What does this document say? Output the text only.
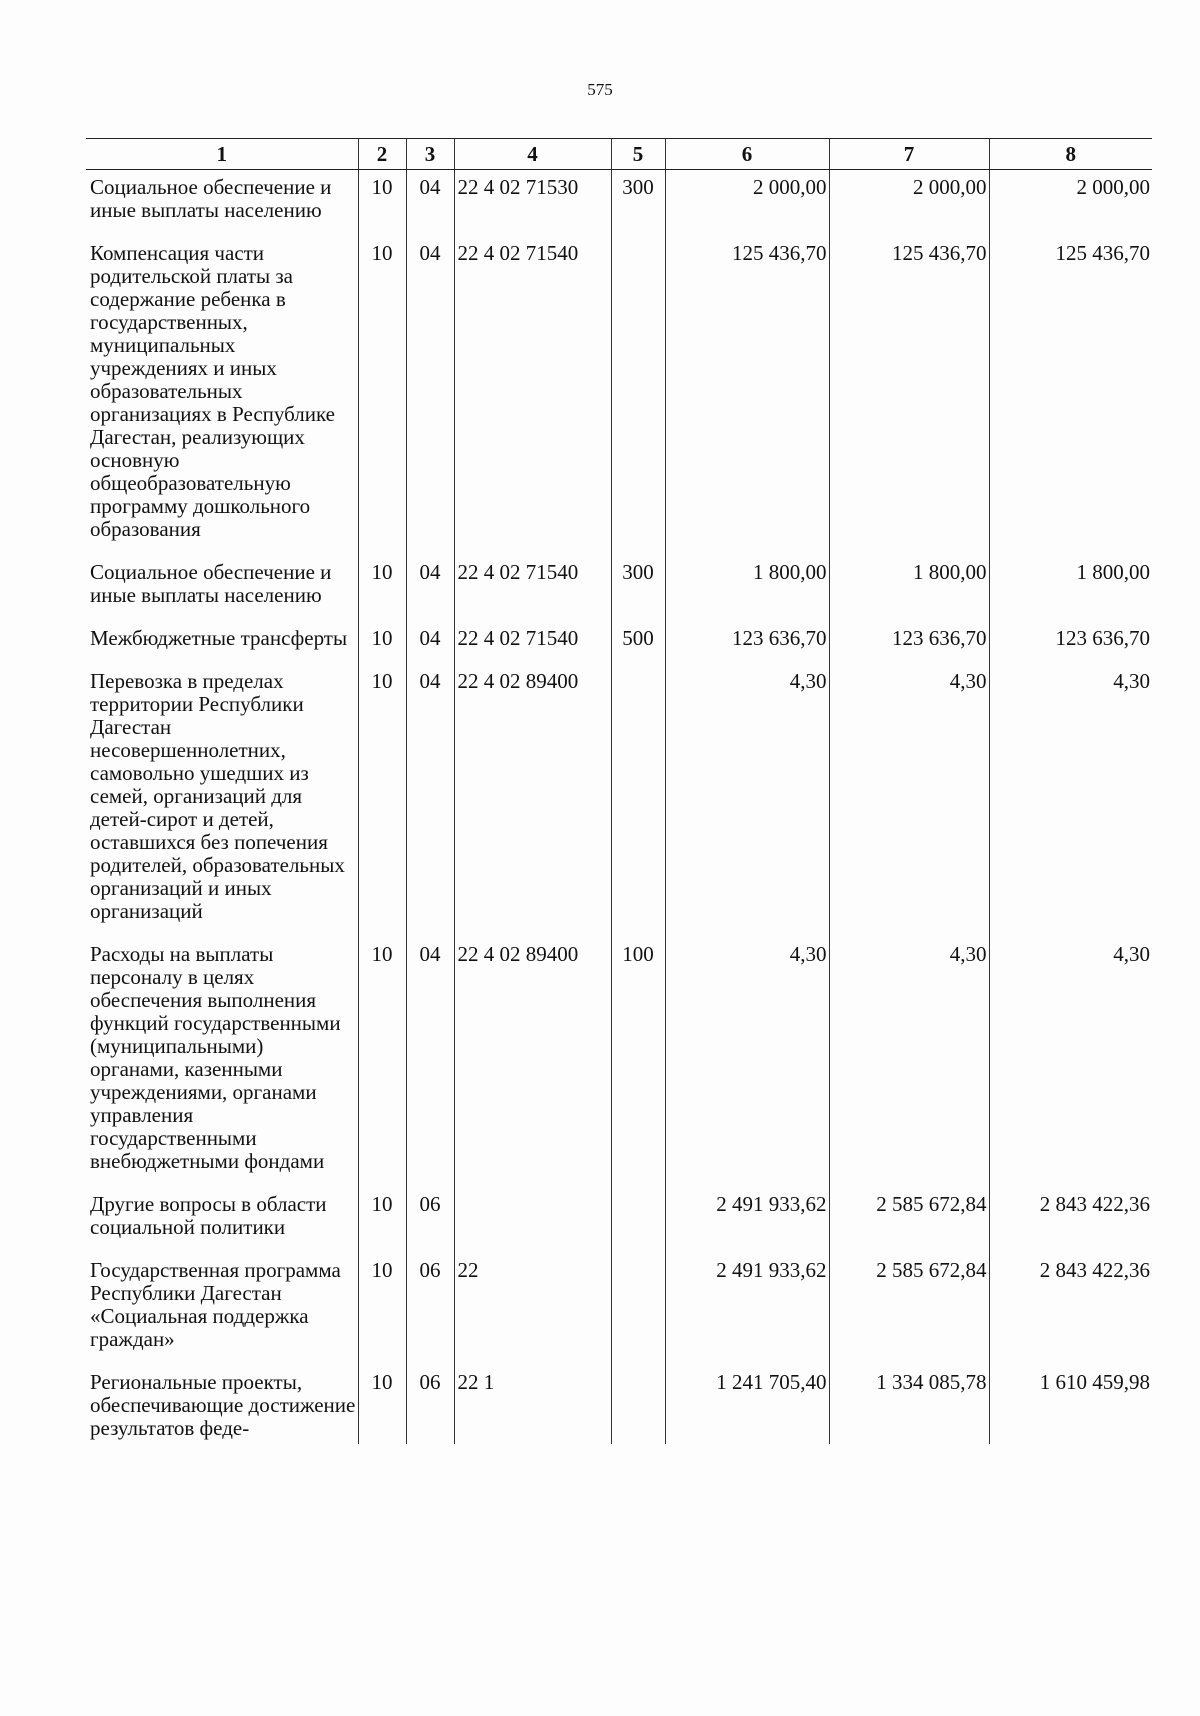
575
1	2	3	4	5	6	7	8
Социальное обеспечение и иные выплаты населению	10	04	22 4 02 71530	300	2 000,00	2 000,00	2 000,00
Компенсация части родительской платы за содержание ребенка в государственных, муниципальных учреждениях и иных образовательных организациях в Республике Дагестан, реализующих основную общеобразовательную программу дошкольного образования	10	04	22 4 02 71540		125 436,70	125 436,70	125 436,70
Социальное обеспечение и иные выплаты населению	10	04	22 4 02 71540	300	1 800,00	1 800,00	1 800,00
Межбюджетные трансферты	10	04	22 4 02 71540	500	123 636,70	123 636,70	123 636,70
Перевозка в пределах территории Республики Дагестан несовершеннолетних, самовольно ушедших из семей, организаций для детей-сирот и детей, оставшихся без попечения родителей, образовательных организаций и иных организаций	10	04	22 4 02 89400		4,30	4,30	4,30
Расходы на выплаты персоналу в целях обеспечения выполнения функций государственными (муниципальными) органами, казенными учреждениями, органами управления государственными внебюджетными фондами	10	04	22 4 02 89400	100	4,30	4,30	4,30
Другие вопросы в области социальной политики	10	06			2 491 933,62	2 585 672,84	2 843 422,36
Государственная программа Республики Дагестан «Социальная поддержка граждан»	10	06	22		2 491 933,62	2 585 672,84	2 843 422,36
Региональные проекты, обеспечивающие достижение результатов феде-	10	06	22 1		1 241 705,40	1 334 085,78	1 610 459,98
